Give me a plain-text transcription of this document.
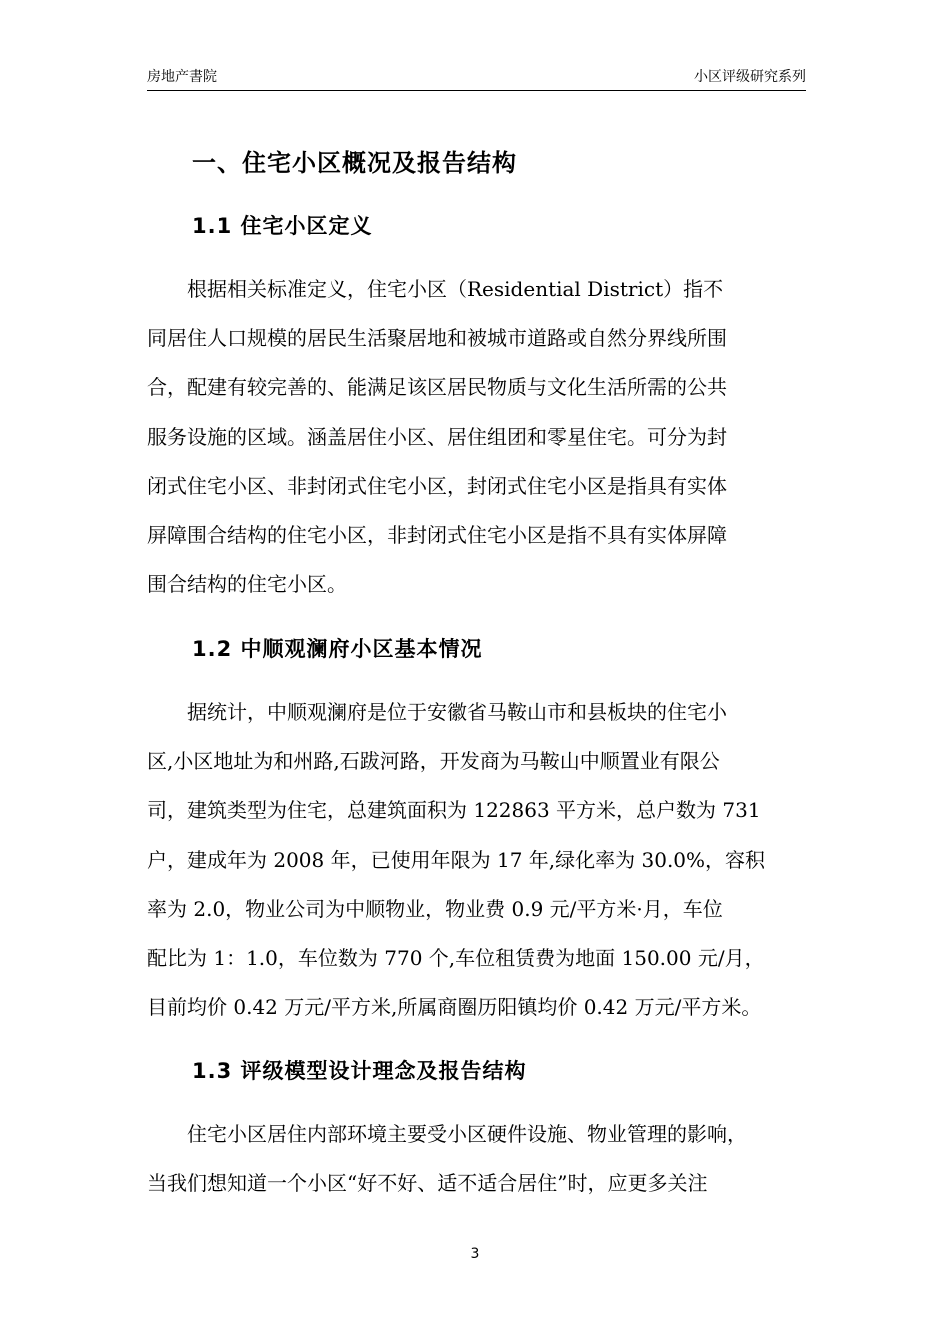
房地产書院	小区评级研究系列
一、住宅小区概况及报告结构
1.1 住宅小区定义
　　根据相关标准定义，住宅小区（Residential District）指不
同居住人口规模的居民生活聚居地和被城市道路或自然分界线所围
合，配建有较完善的、能满足该区居民物质与文化生活所需的公共
服务设施的区域。涵盖居住小区、居住组团和零星住宅。可分为封
闭式住宅小区、非封闭式住宅小区，封闭式住宅小区是指具有实体
屏障围合结构的住宅小区，非封闭式住宅小区是指不具有实体屏障
围合结构的住宅小区。
1.2 中顺观澜府小区基本情况
　　据统计，中顺观澜府是位于安徽省马鞍山市和县板块的住宅小
区,小区地址为和州路,石跋河路，开发商为马鞍山中顺置业有限公
司，建筑类型为住宅，总建筑面积为 122863 平方米，总户数为 731
户，建成年为 2008 年，已使用年限为 17 年,绿化率为 30.0%，容积
率为 2.0，物业公司为中顺物业，物业费 0.9 元/平方米·月，车位
配比为 1：1.0，车位数为 770 个,车位租赁费为地面 150.00 元/月，
目前均价 0.42 万元/平方米,所属商圈历阳镇均价 0.42 万元/平方米。
1.3 评级模型设计理念及报告结构
　　住宅小区居住内部环境主要受小区硬件设施、物业管理的影响，
当我们想知道一个小区“好不好、适不适合居住”时，应更多关注
3
